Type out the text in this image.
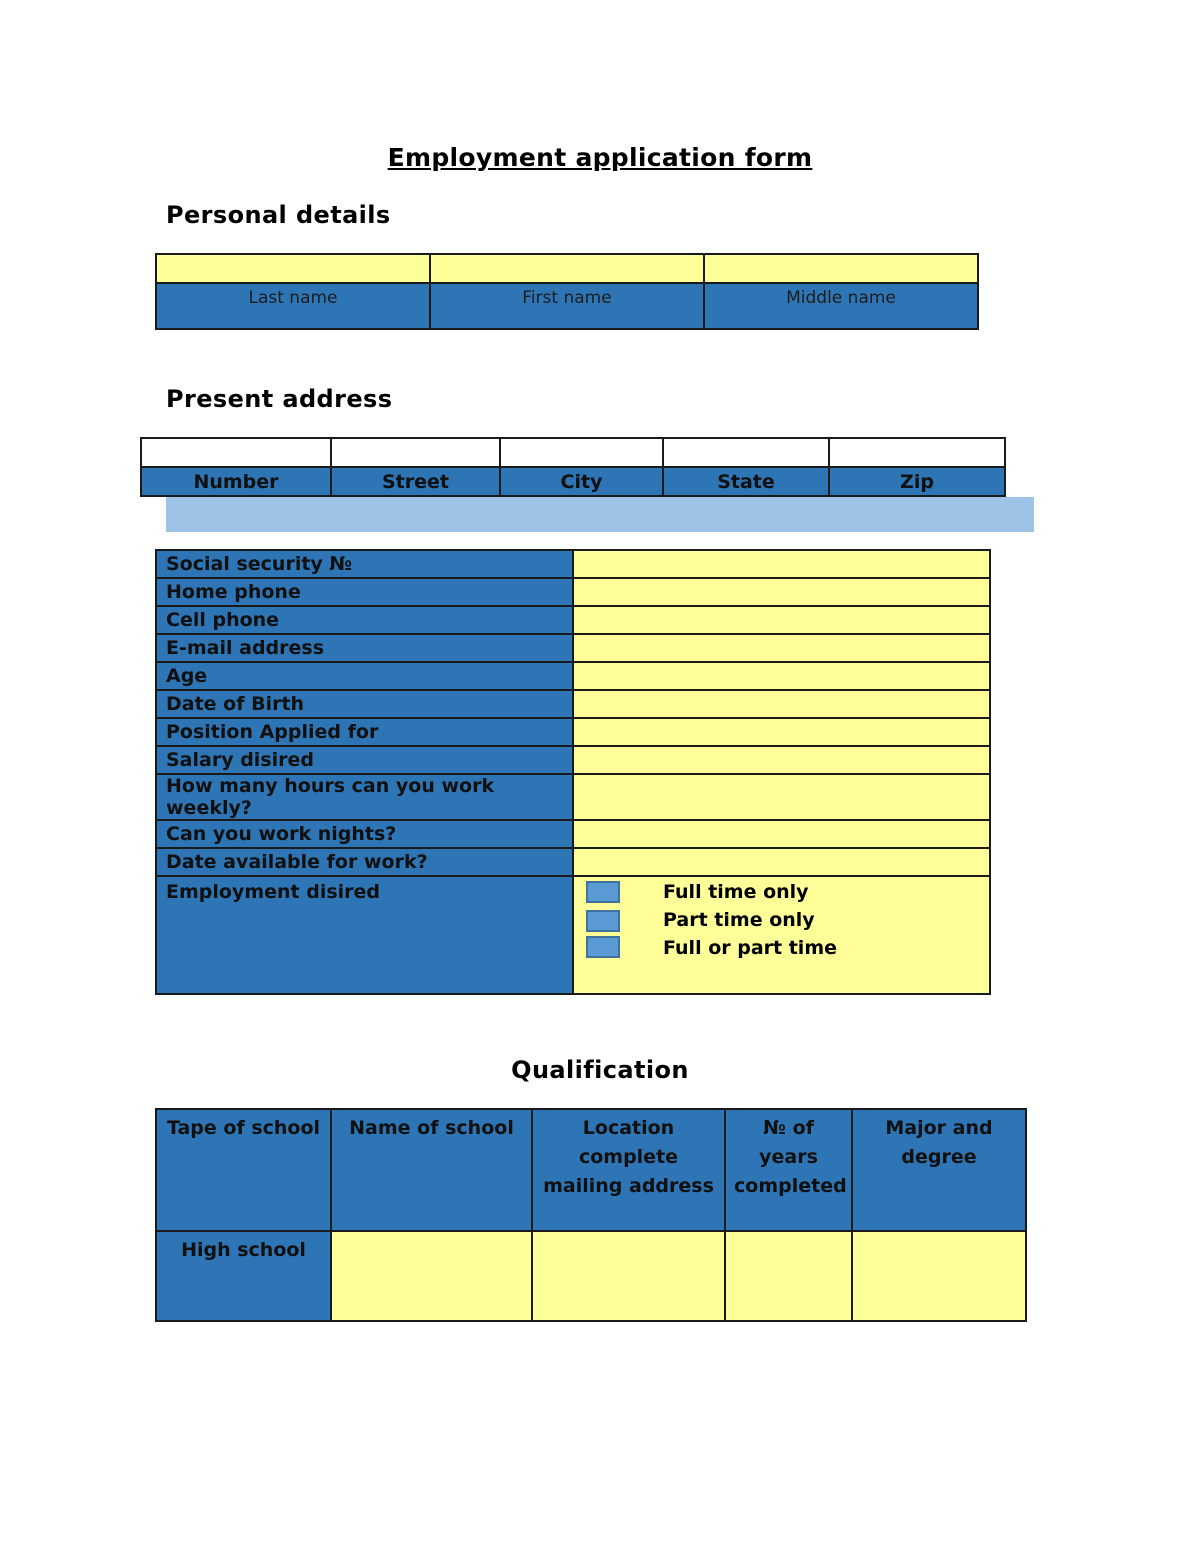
Employment application form
Personal details

Last name	First name	Middle name
Present address

Number	Street	City	State	Zip
Social security №	
Home phone	
Cell phone	
E-mail address	
Age	
Date of Birth	
Position Applied for	
Salary disired	
How many hours can you work weekly?	
Can you work nights?	
Date available for work?	
Employment disired	Full time only
Part time only
Full or part time
Qualification
Tape of school	Name of school	Location complete mailing address	№ of years completed	Major and degree
High school				
